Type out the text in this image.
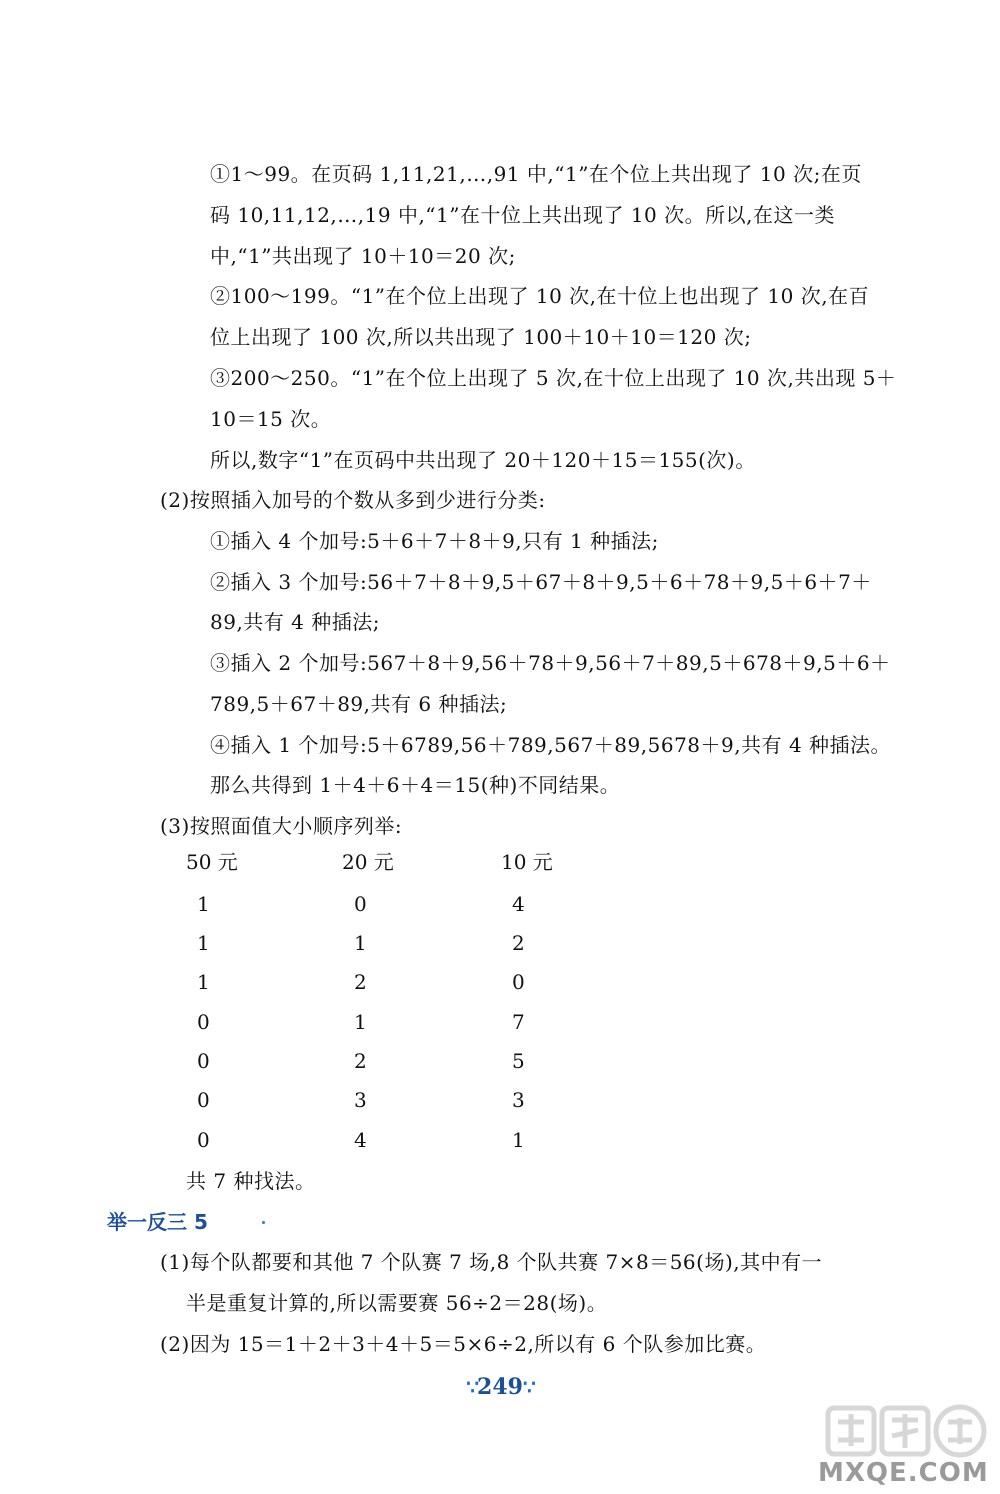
①1～99。在页码 1,11,21,…,91 中,“1”在个位上共出现了 10 次;在页
码 10,11,12,…,19 中,“1”在十位上共出现了 10 次。所以,在这一类
中,“1”共出现了 10＋10＝20 次;
②100～199。“1”在个位上出现了 10 次,在十位上也出现了 10 次,在百
位上出现了 100 次,所以共出现了 100＋10＋10＝120 次;
③200～250。“1”在个位上出现了 5 次,在十位上出现了 10 次,共出现 5＋
10＝15 次。
所以,数字“1”在页码中共出现了 20＋120＋15＝155(次)。
(2)按照插入加号的个数从多到少进行分类:
①插入 4 个加号:5＋6＋7＋8＋9,只有 1 种插法;
②插入 3 个加号:56＋7＋8＋9,5＋67＋8＋9,5＋6＋78＋9,5＋6＋7＋
89,共有 4 种插法;
③插入 2 个加号:567＋8＋9,56＋78＋9,56＋7＋89,5＋678＋9,5＋6＋
789,5＋67＋89,共有 6 种插法;
④插入 1 个加号:5＋6789,56＋789,567＋89,5678＋9,共有 4 种插法。
那么共得到 1＋4＋6＋4＝15(种)不同结果。
(3)按照面值大小顺序列举:
50 元	20 元	10 元
1	0	4
1	1	2
1	2	0
0	1	7
0	2	5
0	3	3
0	4	1
共 7 种找法。
举一反三 5
(1)每个队都要和其他 7 个队赛 7 场,8 个队共赛 7×8＝56(场),其中有一
半是重复计算的,所以需要赛 56÷2＝28(场)。
(2)因为 15＝1＋2＋3＋4＋5＝5×6÷2,所以有 6 个队参加比赛。
∵249∵
MXQE.COM
